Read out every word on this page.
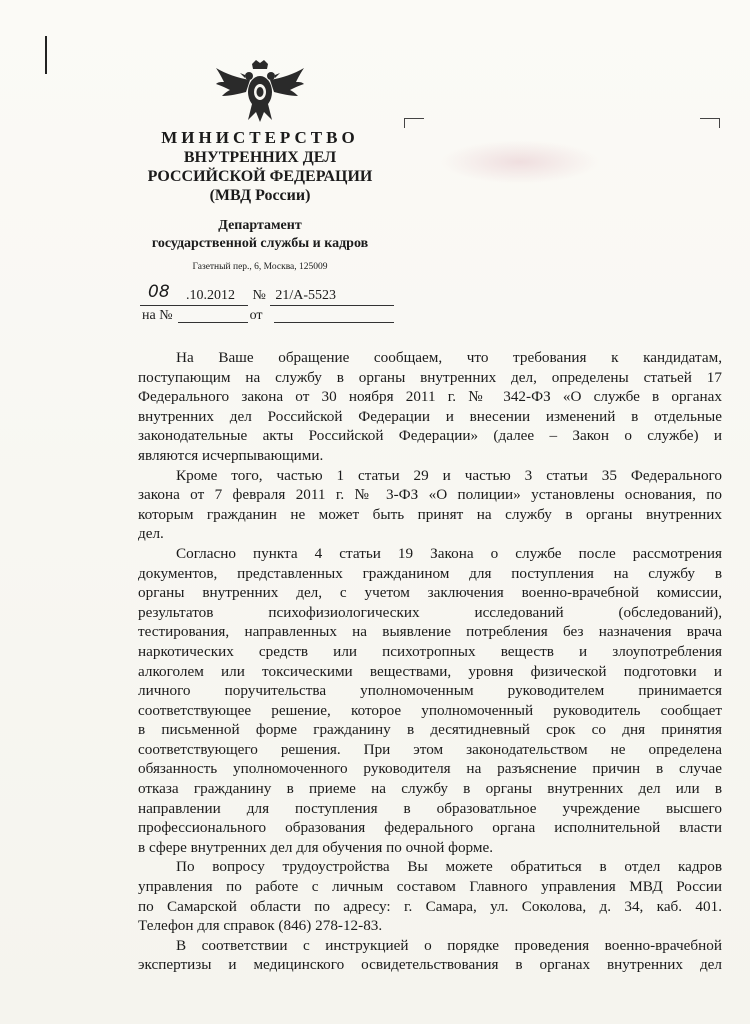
МИНИСТЕРСТВО
ВНУТРЕННИХ ДЕЛ
РОССИЙСКОЙ ФЕДЕРАЦИИ
(МВД России)
Департамент
государственной службы и кадров
Газетный пер., 6, Москва, 125009
08	.10.2012 № 21/А-5523
на №	от
На Ваше обращение сообщаем, что требования к кандидатам,
поступающим на службу в органы внутренних дел, определены статьей 17
Федерального закона от 30 ноября 2011 г. № 342-ФЗ «О службе в органах
внутренних дел Российской Федерации и внесении изменений в отдельные
законодательные акты Российской Федерации» (далее – Закон о службе) и
являются исчерпывающими.
Кроме того, частью 1 статьи 29 и частью 3 статьи 35 Федерального
закона от 7 февраля 2011 г. № 3-ФЗ «О полиции» установлены основания, по
которым гражданин не может быть принят на службу в органы внутренних
дел.
Согласно пункта 4 статьи 19 Закона о службе после рассмотрения
документов, представленных гражданином для поступления на службу в
органы внутренних дел, с учетом заключения военно-врачебной комиссии,
результатов психофизиологических исследований (обследований),
тестирования, направленных на выявление потребления без назначения врача
наркотических средств или психотропных веществ и злоупотребления
алкоголем или токсическими веществами, уровня физической подготовки и
личного поручительства уполномоченным руководителем принимается
соответствующее решение, которое уполномоченный руководитель сообщает
в письменной форме гражданину в десятидневный срок со дня принятия
соответствующего решения. При этом законодательством не определена
обязанность уполномоченного руководителя на разъяснение причин в случае
отказа гражданину в приеме на службу в органы внутренних дел или в
направлении для поступления в образоватльное учреждение высшего
профессионального образования федерального органа исполнительной власти
в сфере внутренних дел для обучения по очной форме.
По вопросу трудоустройства Вы можете обратиться в отдел кадров
управления по работе с личным составом Главного управления МВД России
по Самарской области по адресу: г. Самара, ул. Соколова, д. 34, каб. 401.
Телефон для справок (846) 278-12-83.
В соответствии с инструкцией о порядке проведения военно-врачебной
экспертизы и медицинского освидетельствования в органах внутренних дел
